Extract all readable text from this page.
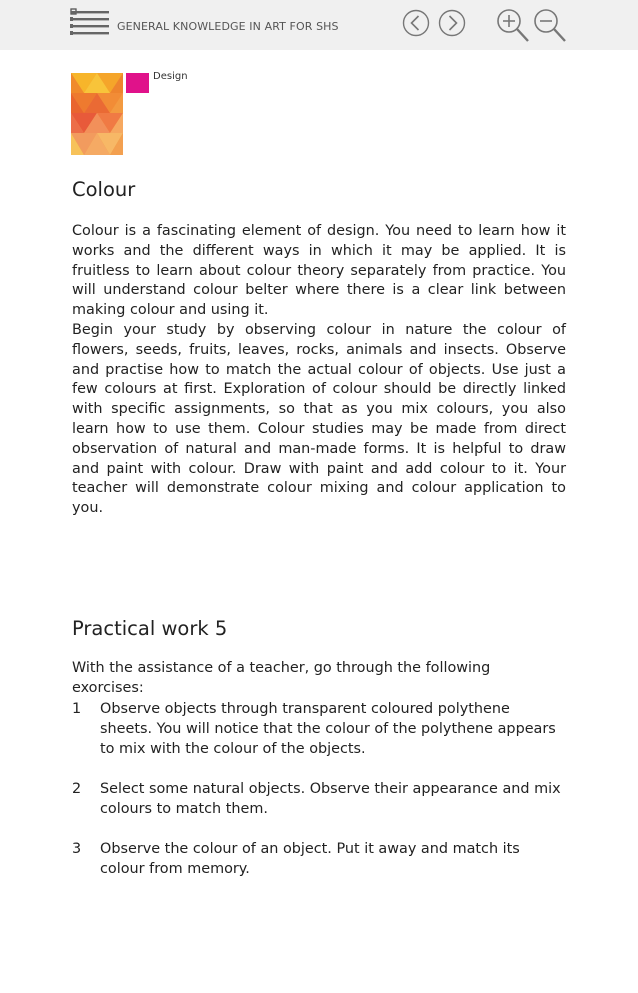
GENERAL KNOWLEDGE IN ART FOR SHS
Design
Colour

Colour is a fascinating element of design. You need to learn how it works and the different ways in which it may be applied. It is fruitless to learn about colour theory separately from practice. You will understand colour belter where there is a clear link between making colour and using it.

Begin your study by observing colour in nature the colour of flowers, seeds, fruits, leaves, rocks, animals and insects. Observe and practise how to match the actual colour of objects. Use just a few colours at first. Exploration of colour should be directly linked with specific assignments, so that as you mix colours, you also learn how to use them. Colour studies may be made from direct observation of natural and man-made forms. It is helpful to draw and paint with colour. Draw with paint and add colour to it. Your teacher will demonstrate colour mixing and colour application to you.

Practical work 5

With the assistance of a teacher, go through the following exorcises:

1 Observe objects through transparent coloured polythene sheets. You will notice that the colour of the polythene appears to mix with the colour of the objects.
2 Select some natural objects. Observe their appearance and mix colours to match them.
3 Observe the colour of an object. Put it away and match its colour from memory.
